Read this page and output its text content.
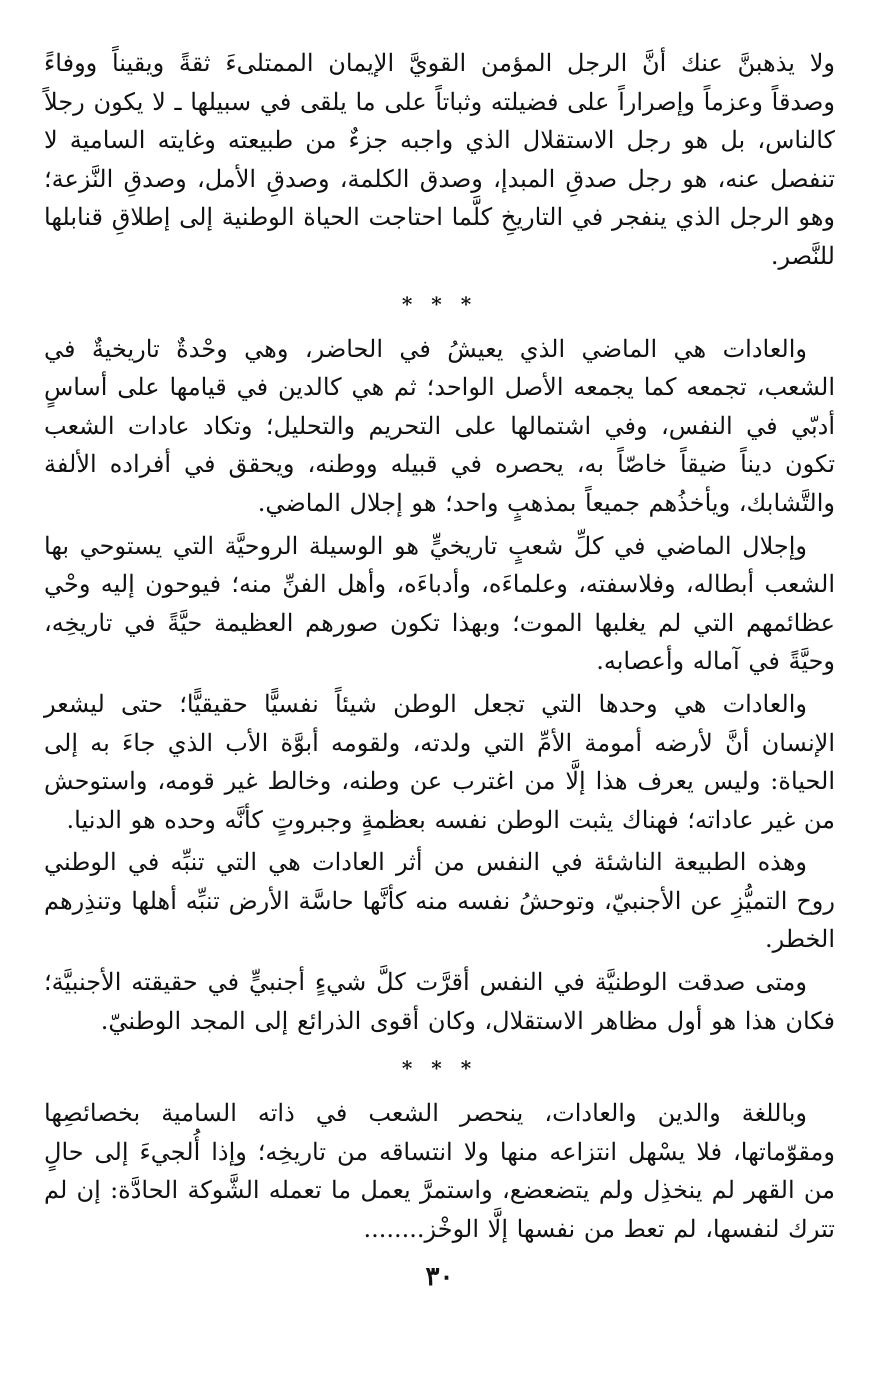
ولا يذهبنَّ عنك أنَّ الرجل المؤمن القويَّ الإيمان الممتلىءَ ثقةً ويقيناً ووفاءً وصدقاً وعزماً وإصراراً على فضيلته وثباتاً على ما يلقى في سبيلها ـ لا يكون رجلاً كالناس، بل هو رجل الاستقلال الذي واجبه جزءٌ من طبيعته وغايته السامية لا تنفصل عنه، هو رجل صدقِ المبدإ، وصدق الكلمة، وصدقِ الأمل، وصدقِ النَّزعة؛ وهو الرجل الذي ينفجر في التاريخِ كلَّما احتاجت الحياة الوطنية إلى إطلاقِ قنابلها للنَّصر.

* * *

والعادات هي الماضي الذي يعيشُ في الحاضر، وهي وحْدةٌ تاريخيةٌ في الشعب، تجمعه كما يجمعه الأصل الواحد؛ ثم هي كالدين في قيامها على أساسٍ أدبّي في النفس، وفي اشتمالها على التحريم والتحليل؛ وتكاد عادات الشعب تكون ديناً ضيقاً خاصّاً به، يحصره في قبيله ووطنه، ويحقق في أفراده الألفة والتَّشابك، ويأخذُهم جميعاً بمذهبٍ واحد؛ هو إجلال الماضي.

وإجلال الماضي في كلِّ شعبٍ تاريخيٍّ هو الوسيلة الروحيَّة التي يستوحي بها الشعب أبطاله، وفلاسفته، وعلماءَه، وأدباءَه، وأهل الفنِّ منه؛ فيوحون إليه وحْي عظائمهم التي لم يغلبها الموت؛ وبهذا تكون صورهم العظيمة حيَّةً في تاريخِه، وحيَّةً في آماله وأعصابه.

والعادات هي وحدها التي تجعل الوطن شيئاً نفسيًّا حقيقيًّا؛ حتى ليشعر الإنسان أنَّ لأرضه أمومة الأمِّ التي ولدته، ولقومه أبوَّة الأب الذي جاءَ به إلى الحياة: وليس يعرف هذا إلَّا من اغترب عن وطنه، وخالط غير قومه، واستوحش من غير عاداته؛ فهناك يثبت الوطن نفسه بعظمةٍ وجبروتٍ كأنَّه وحده هو الدنيا.

وهذه الطبيعة الناشئة في النفس من أثر العادات هي التي تنبِّه في الوطني روح التميُّزِ عن الأجنبيّ، وتوحشُ نفسه منه كأنَّها حاسَّة الأرض تنبِّه أهلها وتنذِرهم الخطر.

ومتى صدقت الوطنيَّة في النفس أقرَّت كلَّ شيءٍ أجنبيٍّ في حقيقته الأجنبيَّة؛ فكان هذا هو أول مظاهر الاستقلال، وكان أقوى الذرائع إلى المجد الوطنيّ.

* * *

وباللغة والدين والعادات، ينحصر الشعب في ذاته السامية بخصائصِها ومقوّماتها، فلا يسْهل انتزاعه منها ولا انتساقه من تاريخِه؛ وإذا أُلجيءَ إلى حالٍ من القهر لم ينخذِل ولم يتضعضع، واستمرَّ يعمل ما تعمله الشَّوكة الحادَّة: إن لم تترك لنفسها، لم تعط من نفسها إلَّا الوخْز........

٣٠
